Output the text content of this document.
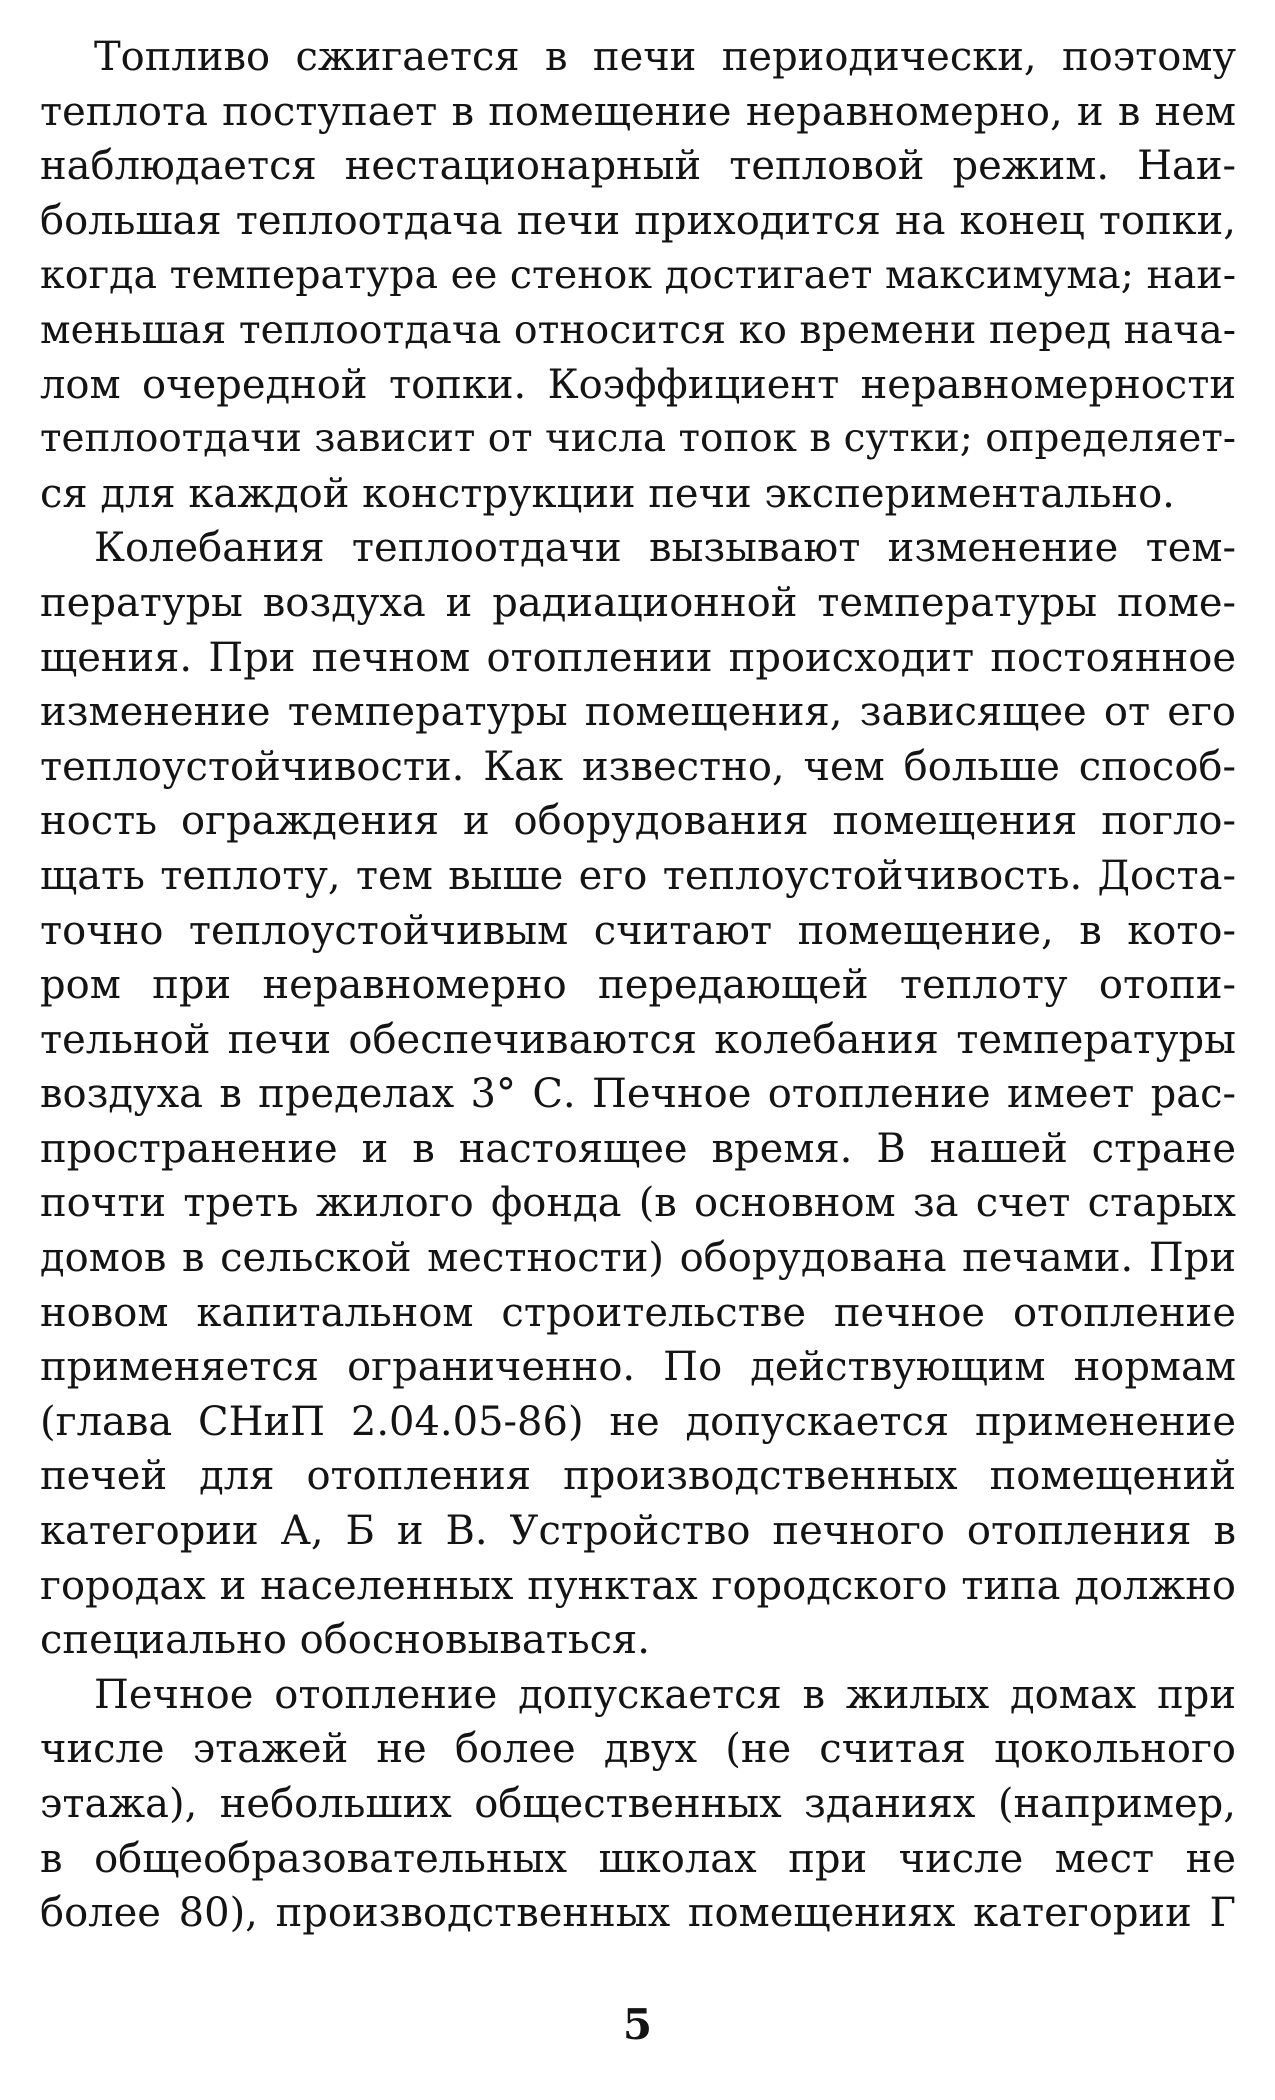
Топливо сжигается в печи периодически, поэтому
теплота поступает в помещение неравномерно, и в нем
наблюдается нестационарный тепловой режим. Наи-
большая теплоотдача печи приходится на конец топки,
когда температура ее стенок достигает максимума; наи-
меньшая теплоотдача относится ко времени перед нача-
лом очередной топки. Коэффициент неравномерности
теплоотдачи зависит от числа топок в сутки; определяет-
ся для каждой конструкции печи экспериментально.
Колебания теплоотдачи вызывают изменение тем-
пературы воздуха и радиационной температуры поме-
щения. При печном отоплении происходит постоянное
изменение температуры помещения, зависящее от его
теплоустойчивости. Как известно, чем больше способ-
ность ограждения и оборудования помещения погло-
щать теплоту, тем выше его теплоустойчивость. Доста-
точно теплоустойчивым считают помещение, в кото-
ром при неравномерно передающей теплоту отопи-
тельной печи обеспечиваются колебания температуры
воздуха в пределах 3° С. Печное отопление имеет рас-
пространение и в настоящее время. В нашей стране
почти треть жилого фонда (в основном за счет старых
домов в сельской местности) оборудована печами. При
новом капитальном строительстве печное отопление
применяется ограниченно. По действующим нормам
(глава СНиП 2.04.05-86) не допускается применение
печей для отопления производственных помещений
категории А, Б и В. Устройство печного отопления в
городах и населенных пунктах городского типа должно
специально обосновываться.
Печное отопление допускается в жилых домах при
числе этажей не более двух (не считая цокольного
этажа), небольших общественных зданиях (например,
в общеобразовательных школах при числе мест не
более 80), производственных помещениях категории Г
5
